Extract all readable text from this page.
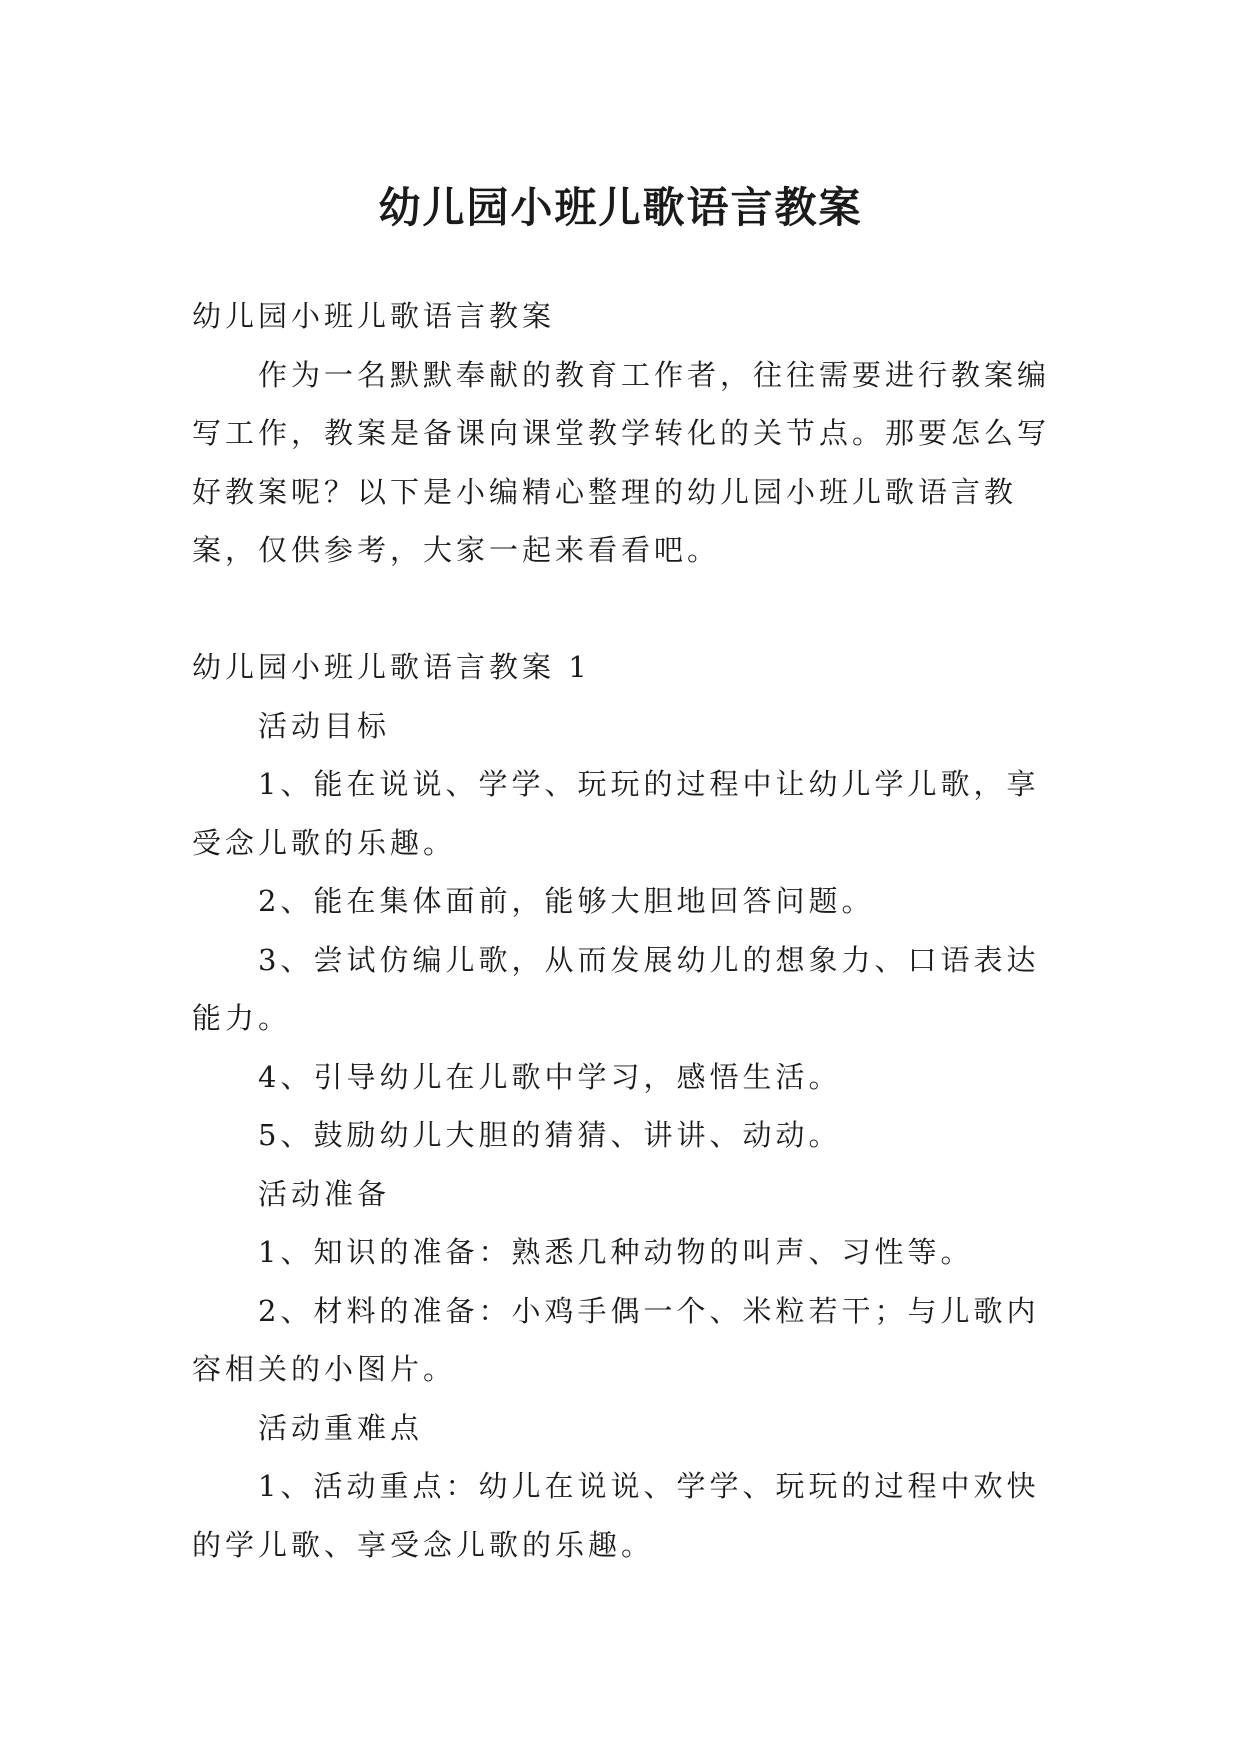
幼儿园小班儿歌语言教案

幼儿园小班儿歌语言教案

作为一名默默奉献的教育工作者，往往需要进行教案编写工作，教案是备课向课堂教学转化的关节点。那要怎么写好教案呢？以下是小编精心整理的幼儿园小班儿歌语言教案，仅供参考，大家一起来看看吧。

幼儿园小班儿歌语言教案 1

活动目标

1、能在说说、学学、玩玩的过程中让幼儿学儿歌，享受念儿歌的乐趣。

2、能在集体面前，能够大胆地回答问题。

3、尝试仿编儿歌，从而发展幼儿的想象力、口语表达能力。

4、引导幼儿在儿歌中学习，感悟生活。

5、鼓励幼儿大胆的猜猜、讲讲、动动。

活动准备

1、知识的准备：熟悉几种动物的叫声、习性等。

2、材料的准备：小鸡手偶一个、米粒若干；与儿歌内容相关的小图片。

活动重难点

1、活动重点：幼儿在说说、学学、玩玩的过程中欢快的学儿歌、享受念儿歌的乐趣。
